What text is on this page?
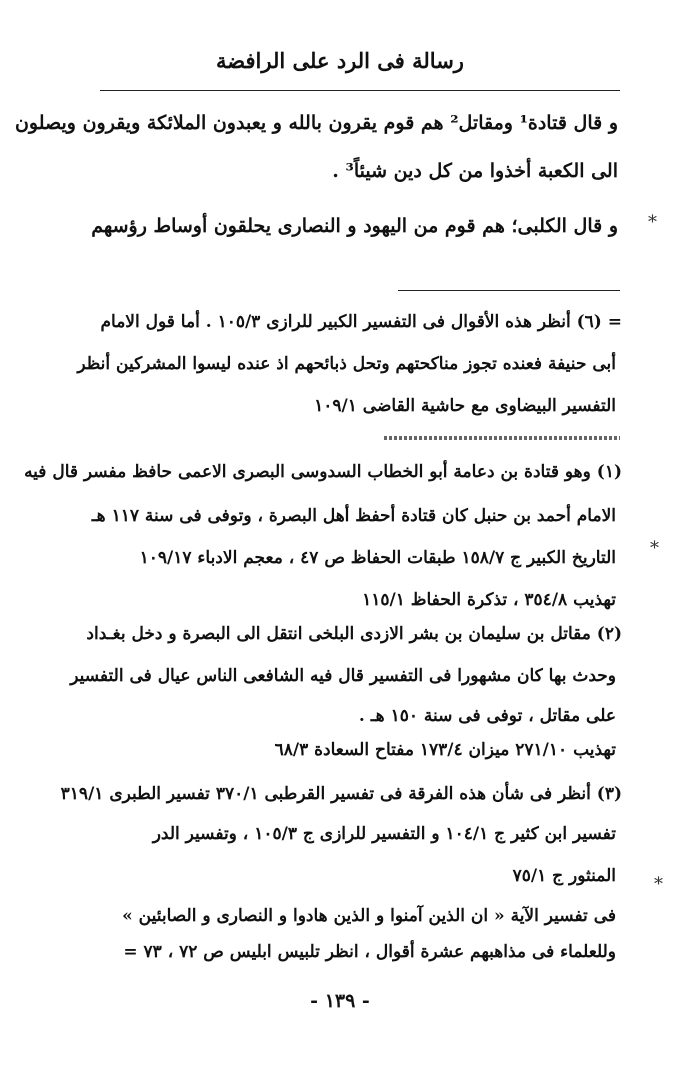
رسالة فى الرد على الرافضة
و قال قتادة¹ ومقاتل² هم قوم يقرون بالله و يعبدون الملائكة ويقرون ويصلون
الى الكعبة أخذوا من كل دين شيئاً³ .
و قال الكلبى؛ هم قوم من اليهود و النصارى يحلقون أوساط رؤسهم
= (٦) أنظر هذه الأقوال فى التفسير الكبير للرازى ١٠٥/٣ . أما قول الامام
أبى حنيفة فعنده تجوز مناكحتهم وتحل ذبائحهم اذ عنده ليسوا المشركين أنظر
التفسير البيضاوى مع حاشية القاضى ١٠٩/١
(١) وهو قتادة بن دعامة أبو الخطاب السدوسى البصرى الاعمى حافظ مفسر قال فيه
الامام أحمد بن حنبل كان قتادة أحفظ أهل البصرة ، وتوفى فى سنة ١١٧ هـ
التاريخ الكبير ج ١٥٨/٧ طبقات الحفاظ ص ٤٧ ، معجم الادباء ١٠٩/١٧
تهذيب ٣٥٤/٨ ، تذكرة الحفاظ ١١٥/١
(٢) مقاتل بن سليمان بن بشر الازدى البلخى انتقل الى البصرة و دخل بغـداد
وحدث بها كان مشهورا فى التفسير قال فيه الشافعى الناس عيال فى التفسير
على مقاتل ، توفى فى سنة ١٥٠ هـ .
تهذيب ٢٧١/١٠ ميزان ١٧٣/٤ مفتاح السعادة ٦٨/٣
(٣) أنظر فى شأن هذه الفرقة فى تفسير القرطبى ٣٧٠/١ تفسير الطبرى ٣١٩/١
تفسير ابن كثير ج ١٠٤/١ و التفسير للرازى ج ١٠٥/٣ ، وتفسير الدر
المنثور ج ٧٥/١
فى تفسير الآية « ان الذين آمنوا و الذين هادوا و النصارى و الصابئين »
وللعلماء فى مذاهبهم عشرة أقوال ، انظر تلبيس ابليس ص ٧٢ ، ٧٣ =
- ١٣٩ -
⁎
⁎
⁎
